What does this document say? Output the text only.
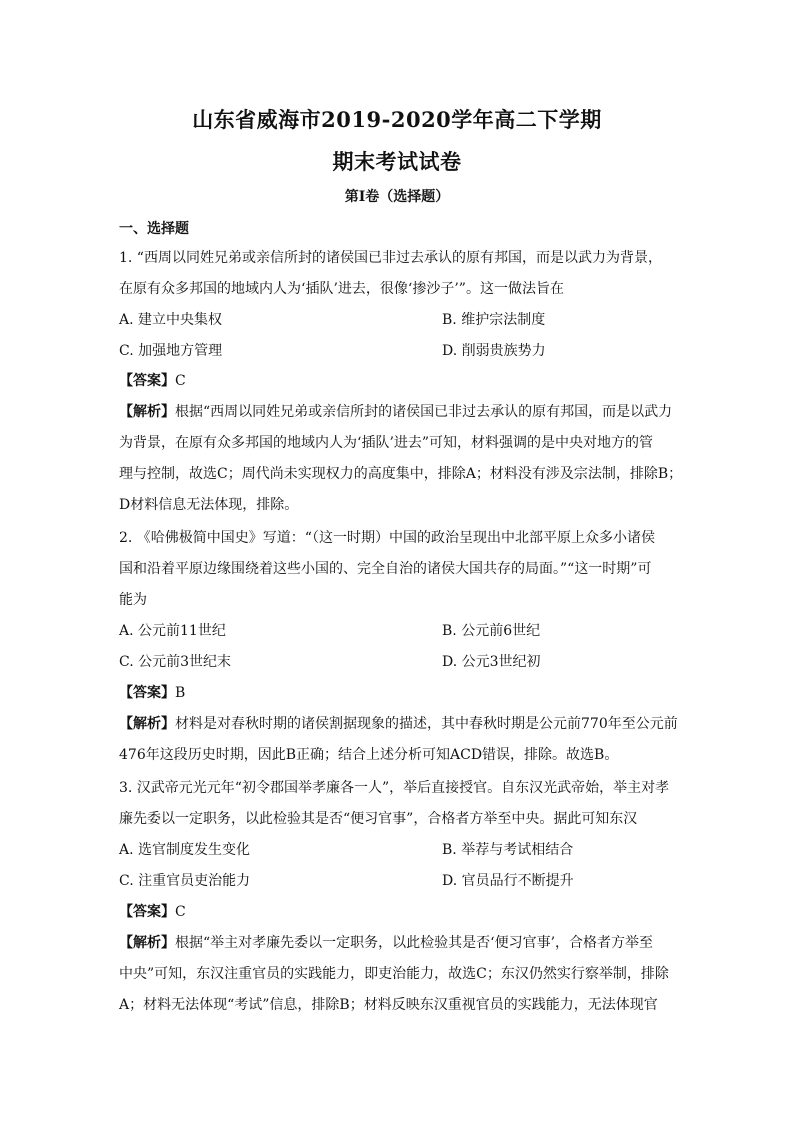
山东省威海市2019-2020学年高二下学期
期末考试试卷
第Ⅰ卷（选择题）
一、选择题
1. “西周以同姓兄弟或亲信所封的诸侯国已非过去承认的原有邦国，而是以武力为背景，
在原有众多邦国的地域内人为‘插队’进去，很像‘掺沙子’”。这一做法旨在
A. 建立中央集权	B. 维护宗法制度
C. 加强地方管理	D. 削弱贵族势力
【答案】C
【解析】根据“西周以同姓兄弟或亲信所封的诸侯国已非过去承认的原有邦国，而是以武力
为背景，在原有众多邦国的地域内人为‘插队’进去”可知，材料强调的是中央对地方的管
理与控制，故选C；周代尚未实现权力的高度集中，排除A；材料没有涉及宗法制，排除B；
D材料信息无法体现，排除。
2. 《哈佛极简中国史》写道：“（这一时期）中国的政治呈现出中北部平原上众多小诸侯
国和沿着平原边缘围绕着这些小国的、完全自治的诸侯大国共存的局面。”“这一时期”可
能为
A. 公元前11世纪	B. 公元前6世纪
C. 公元前3世纪末	D. 公元3世纪初
【答案】B
【解析】材料是对春秋时期的诸侯割据现象的描述，其中春秋时期是公元前770年至公元前
476年这段历史时期，因此B正确；结合上述分析可知ACD错误，排除。故选B。
3. 汉武帝元光元年“初令郡国举孝廉各一人”，举后直接授官。自东汉光武帝始，举主对孝
廉先委以一定职务，以此检验其是否“便习官事”，合格者方举至中央。据此可知东汉
A. 选官制度发生变化	B. 举荐与考试相结合
C. 注重官员吏治能力	D. 官员品行不断提升
【答案】C
【解析】根据“举主对孝廉先委以一定职务，以此检验其是否‘便习官事’，合格者方举至
中央”可知，东汉注重官员的实践能力，即吏治能力，故选C；东汉仍然实行察举制，排除
A；材料无法体现“考试”信息，排除B；材料反映东汉重视官员的实践能力，无法体现官
